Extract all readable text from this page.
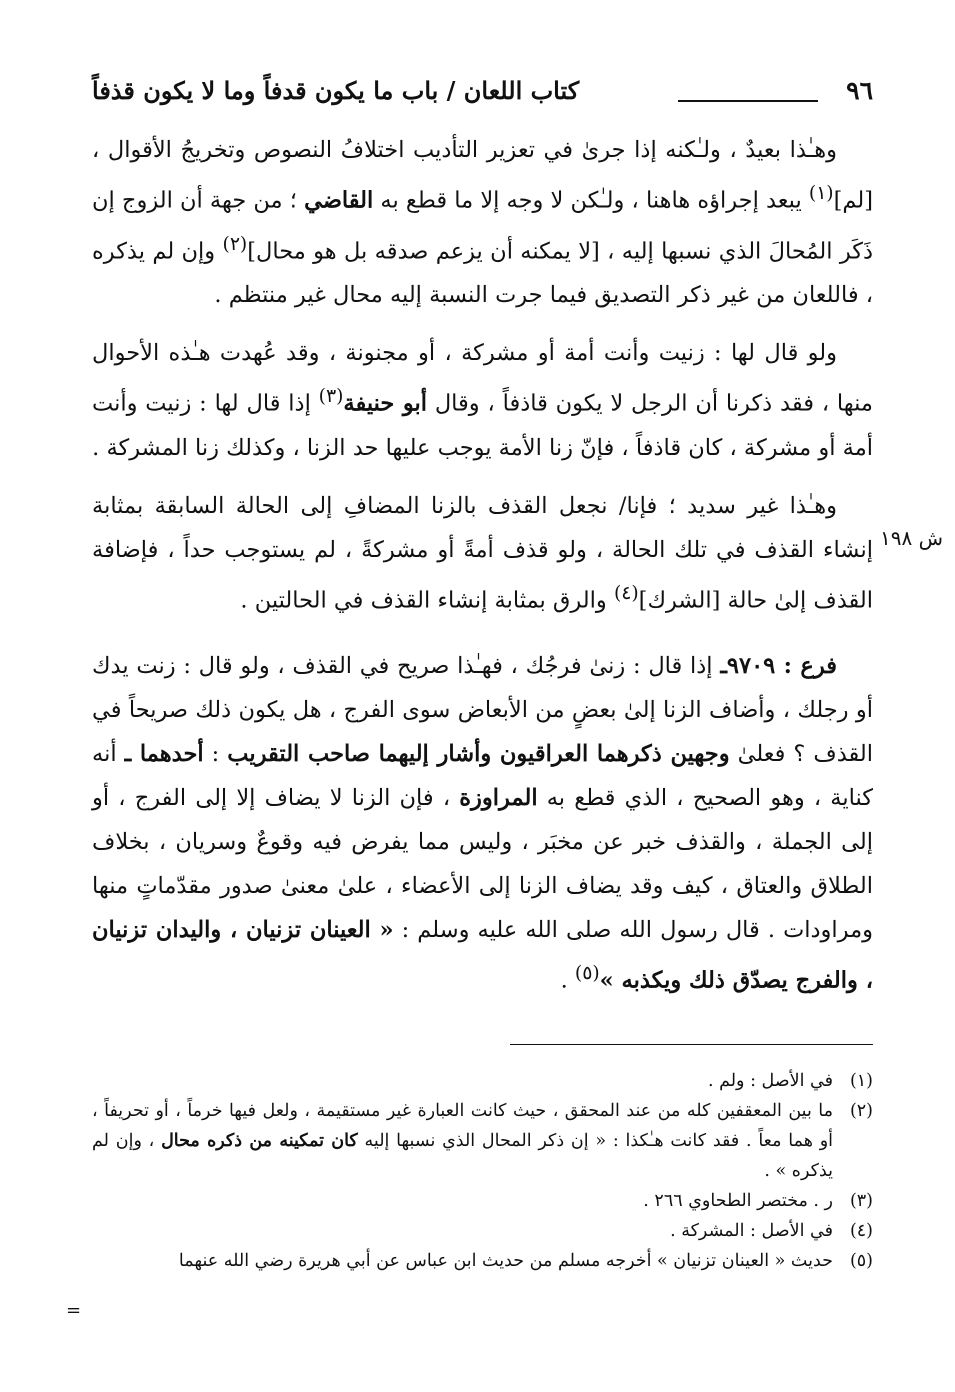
٩٦
كتاب اللعان / باب ما يكون قدفاً وما لا يكون قذفاً
ش ١٩٨

وهـٰذا بعيدٌ ، ولـٰكنه إذا جرىٰ في تعزير التأديب اختلافُ النصوص وتخريجُ الأقوال ، [لم]$^{(١)}$ يبعد إجراؤه هاهنا ، ولـٰكن لا وجه إلا ما قطع به القاضي ؛ من جهة أن الزوج إن ذَكَر المُحالَ الذي نسبها إليه ، [لا يمكنه أن يزعم صدقه بل هو محال]$^{(٢)}$ وإن لم يذكره ، فاللعان من غير ذكر التصديق فيما جرت النسبة إليه محال غير منتظم .

ولو قال لها : زنيت وأنت أمة أو مشركة ، أو مجنونة ، وقد عُهدت هـٰذه الأحوال منها ، فقد ذكرنا أن الرجل لا يكون قاذفاً ، وقال أبو حنيفة$^{(٣)}$ إذا قال لها : زنيت وأنت أمة أو مشركة ، كان قاذفاً ، فإنّ زنا الأمة يوجب عليها حد الزنا ، وكذلك زنا المشركة .

وهـٰذا غير سديد ؛ فإنا/ نجعل القذف بالزنا المضافِ إلى الحالة السابقة بمثابة إنشاء القذف في تلك الحالة ، ولو قذف أمةً أو مشركةً ، لم يستوجب حداً ، فإضافة القذف إلىٰ حالة [الشرك]$^{(٤)}$ والرق بمثابة إنشاء القذف في الحالتين .

فرع : ٩٧٠٩ـ إذا قال : زنىٰ فرجُك ، فهـٰذا صريح في القذف ، ولو قال : زنت يدك أو رجلك ، وأضاف الزنا إلىٰ بعضٍ من الأبعاض سوى الفرج ، هل يكون ذلك صريحاً في القذف ؟ فعلىٰ وجهين ذكرهما العراقيون وأشار إليهما صاحب التقريب : أحدهما ـ أنه كناية ، وهو الصحيح ، الذي قطع به المراوزة ، فإن الزنا لا يضاف إلا إلى الفرج ، أو إلى الجملة ، والقذف خبر عن مخبَر ، وليس مما يفرض فيه وقوعٌ وسريان ، بخلاف الطلاق والعتاق ، كيف وقد يضاف الزنا إلى الأعضاء ، علىٰ معنىٰ صدور مقدّماتٍ منها ومراودات . قال رسول الله صلى الله عليه وسلم : « العينان تزنيان ، واليدان تزنيان ، والفرج يصدّق ذلك ويكذبه »$^{(٥)}$ .

(١)
في الأصل : ولم .
(٢)
ما بين المعقفين كله من عند المحقق ، حيث كانت العبارة غير مستقيمة ، ولعل فيها خرماً ، أو تحريفاً ، أو هما معاً . فقد كانت هـٰكذا : « إن ذكر المحال الذي نسبها إليه كان تمكينه من ذكره محال ، وإن لم يذكره » .
(٣)
ر . مختصر الطحاوي ٢٦٦ .
(٤)
في الأصل : المشركة .
(٥)
حديث « العينان تزنيان » أخرجه مسلم من حديث ابن عباس عن أبي هريرة رضي الله عنهما
=
